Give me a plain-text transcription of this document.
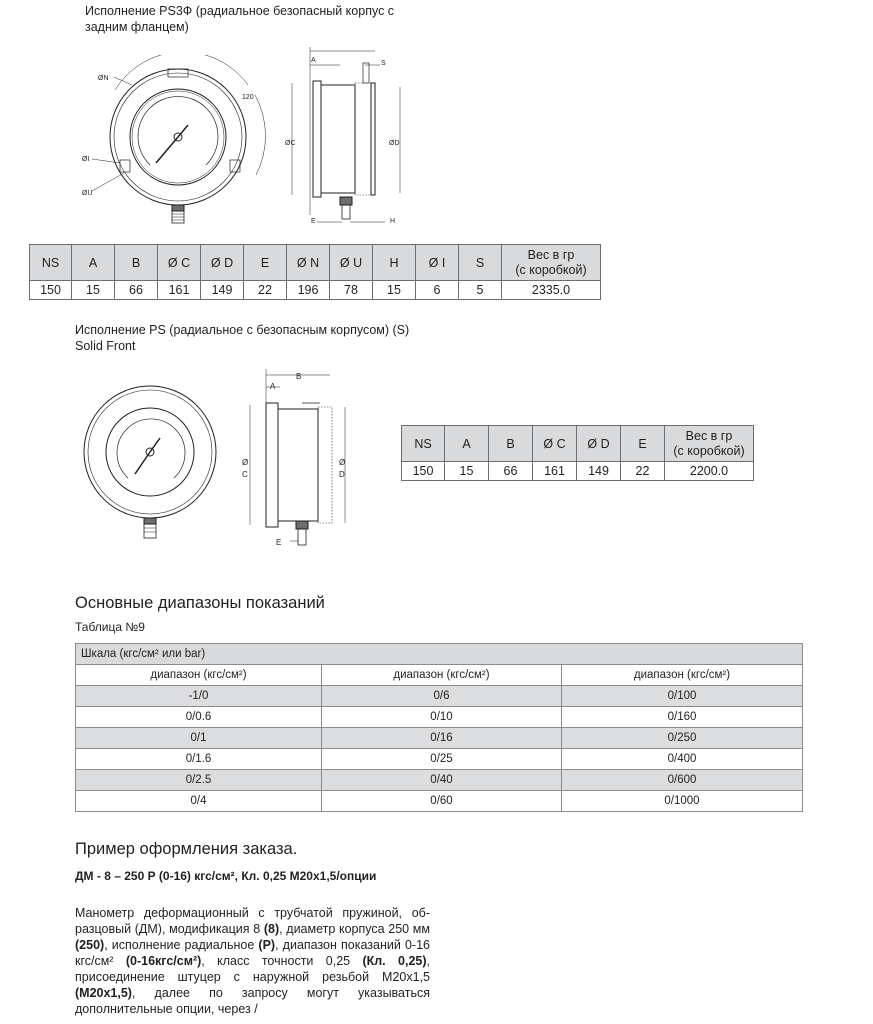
Исполнение PS3Ф (радиальное безопасный корпус с
задним фланцем)
ØN
120
ØI
ØU
A	S
ØC	ØD
E	H
NS	A	B	Ø C	Ø D	E	Ø N	Ø U	H	Ø I	S	Вес в гр
(с коробкой)

150	15	66	161	149	22	196	78	15	6	5	2335.0
Исполнение PS (радиальное с безопасным корпусом) (S)
Solid Front
B
A
Ø
C
Ø
D
E
NS	A	B	Ø C	Ø D	E	Вес в гр
(с коробкой)

150	15	66	161	149	22	2200.0
Основные диапазоны показаний
Таблица №9
Шкала (кгс/см² или bar)		
диапазон (кгс/см²)	диапазон (кгс/см²)	диапазон (кгс/см²)
-1/0	0/6	0/100
0/0.6	0/10	0/160
0/1	0/16	0/250
0/1.6	0/25	0/400
0/2.5	0/40	0/600
0/4	0/60	0/1000
Пример оформления заказа.
ДМ - 8 – 250 Р (0-16) кгс/см², Кл. 0,25 М20х1,5/опции
Манометр деформационный с трубчатой пружиной, образцовый (ДМ), модификация 8 (8), диаметр корпуса 250 мм (250), исполнение радиальное (Р), диапазон показаний 0-16 кгс/см² (0-16кгс/см²), класс точности 0,25 (Кл. 0,25), присоединение штуцер с наружной резьбой М20х1,5 (М20х1,5), далее по запросу могут указываться дополнительные опции, через /
